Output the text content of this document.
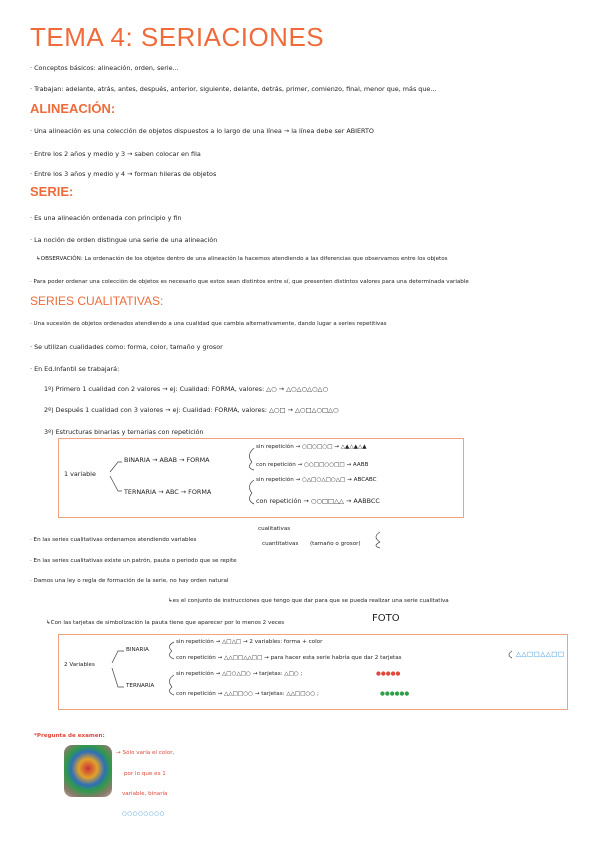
TEMA 4: SERIACIONES
· Conceptos básicos: alineación, orden, serie...
· Trabajan: adelante, atrás, antes, después, anterior, siguiente, delante, detrás, primer, comienzo, final, menor que, más que...
ALINEACIÓN:
· Una alineación es una colección de objetos dispuestos a lo largo de una línea → la línea debe ser ABIERTO
· Entre los 2 años y medio y 3 → saben colocar en fila
· Entre los 3 años y medio y 4 → forman hileras de objetos
SERIE:
· Es una alineación ordenada con principio y fin
· La noción de orden distingue una serie de una alineación
↳OBSERVACIÓN: La ordenación de los objetos dentro de una alineación la hacemos atendiendo a las diferencias que observamos entre los objetos
· Para poder ordenar una colección de objetos es necesario que estos sean distintos entre sí, que presenten distintos valores para una determinada variable
SERIES CUALITATIVAS:
· Una sucesión de objetos ordenados atendiendo a una cualidad que cambia alternativamente, dando lugar a series repetitivas
· Se utilizan cualidades como: forma, color, tamaño y grosor
· En Ed.Infantil se trabajará:
1º) Primero 1 cualidad con 2 valores → ej: Cualidad: FORMA, valores: △○ → △○△○△○△○
2º) Después 1 cualidad con 3 valores → ej: Cualidad: FORMA, valores: △○□ → △○□△○□△○
3º) Estructuras binarias y ternarias con repetición
1 variable
BINARIA → ABAB → FORMA
TERNARIA → ABC → FORMA
sin repetición → ○□○□○□ → △▲△▲△▲
con repetición → ○○□□○○□□ → AABB
sin repetición → ○△□○△□○△□ → ABCABC
con repetición → ○○□□△△ → AABBCC
· En las series cualitativas ordenamos atendiendo variables
cualitativas
cuantitativas (tamaño o grosor)
· En las series cualitativas existe un patrón, pauta o periodo que se repite
· Damos una ley o regla de formación de la serie, no hay orden natural
↳es el conjunto de instrucciones que tengo que dar para que se pueda realizar una serie cualitativa
↳Con las tarjetas de simbolización la pauta tiene que aparecer por lo menos 2 veces	FOTO
2 Variables
BINARIA
TERNARIA
sin repetición → △□△□ → 2 variables: forma + color
con repetición → △△□□△△□□ → para hacer esta serie habría que dar 2 tarjetas
sin repetición → △□○△□○ → tarjetas: △□○ ;	●●●●●
con repetición → △△□□○○ → tarjetas: △△□□○○ ;	●●●●●●
△△□□△△□□
*Pregunta de examen:
→ Sólo varía el color,
por lo que es 1
variable, binaria
○○○○○○○○
